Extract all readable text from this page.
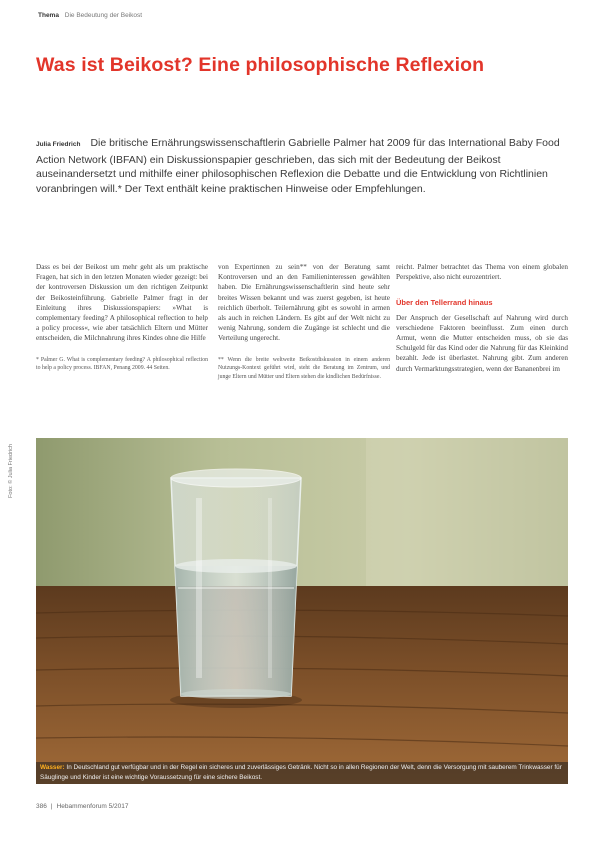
Thema Die Bedeutung der Beikost
Was ist Beikost? Eine philosophische Reflexion
Julia Friedrich Die britische Ernährungswissenschaftlerin Gabrielle Palmer hat 2009 für das International Baby Food Action Network (IBFAN) ein Diskussionspapier geschrieben, das sich mit der Bedeutung der Beikost auseinandersetzt und mithilfe einer philosophischen Reflexion die Debatte und die Entwicklung von Richtlinien voranbringen will.* Der Text enthält keine praktischen Hinweise oder Empfehlungen.

Dass es bei der Beikost um mehr geht als um praktische Fragen, hat sich in den letzten Monaten wieder gezeigt: bei der kontroversen Diskussion um den richtigen Zeitpunkt der Beikosteinführung. Gabrielle Palmer fragt in der Einleitung ihres Diskussionspapiers: »What is complementary feeding? A philosophical reflection to help a policy process«, wie aber tatsächlich Eltern und Mütter entscheiden, die Milchnahrung ihres Kindes ohne die Hilfe

* Palmer G. What is complementary feeding? A philosophical reflection to help a policy process. IBFAN, Penang 2009. 44 Seiten.

von Expertinnen zu sein** von der Beratung samt Kontroversen und an den Familieninteressen gewählten haben. Die Ernährungswissenschaftlerin sind heute sehr breites Wissen bekannt und was zuerst gegeben, ist heute reichlich überholt. Teilernährung gibt es sowohl in armen als auch in reichen Ländern. Es gibt auf der Welt nicht zu wenig Nahrung, sondern die Zugänge ist schlecht und die Verteilung ungerecht.

** Wenn die breite weltweite Beikostdiskussion in einem anderen Nutzungs-Kontext geführt wird, steht die Beratung im Zentrum, und junge Eltern und Mütter und Eltern stehen die kindlichen Bedürfnisse.

reicht. Palmer betrachtet das Thema von einem globalen Perspektive, also nicht eurozentriert.

Über den Tellerrand hinaus

Der Anspruch der Gesellschaft auf Nahrung wird durch verschiedene Faktoren beeinflusst. Zum einen durch Armut, wenn die Mutter entscheiden muss, ob sie das Schulgeld für das Kind oder die Nahrung für das Kleinkind bezahlt. Jede ist überlastet. Nahrung gibt. Zum anderen durch Vermarktungsstrategien, wenn der Bananenbrei im

Foto: © Julia Friedrich
Wasser: In Deutschland gut verfügbar und in der Regel ein sicheres und zuverlässiges Getränk. Nicht so in allen Regionen der Welt, denn die Versorgung mit sauberem Trinkwasser für Säuglinge und Kinder ist eine wichtige Voraussetzung für eine sichere Beikost.
386 | Hebammenforum 5/2017
